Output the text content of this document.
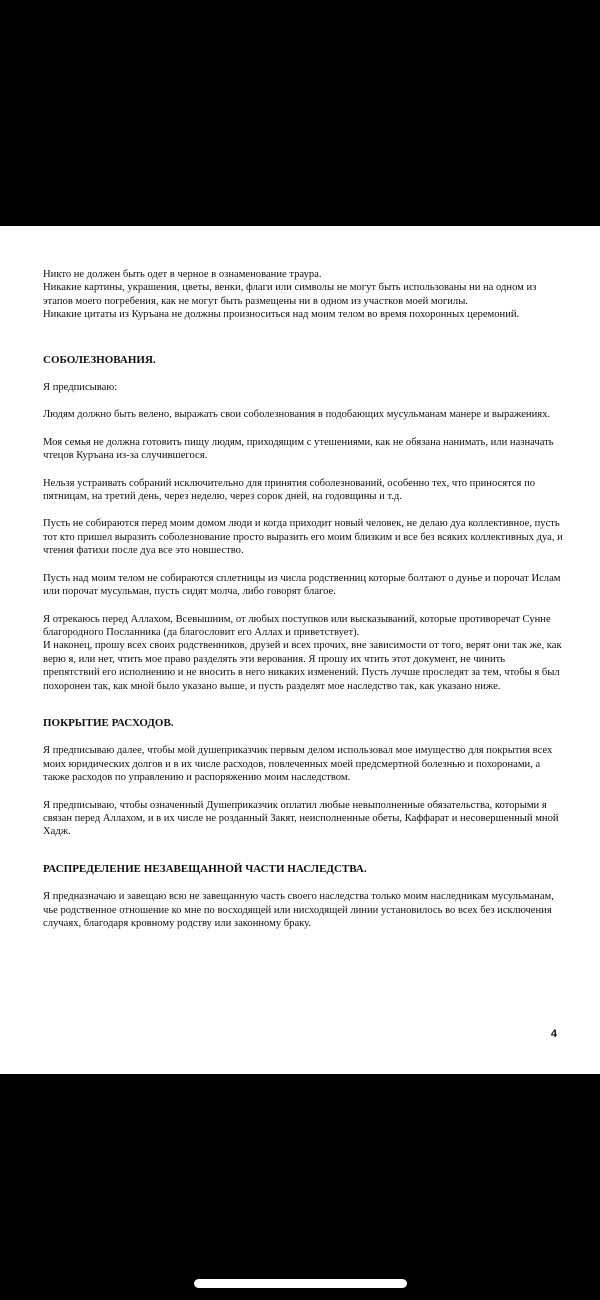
Никто не должен быть одет в черное в ознаменование траура.
Никакие картины, украшения, цветы, венки, флаги или символы не могут быть использованы ни на одном из этапов моего погребения, как не могут быть размещены ни в одном из участков моей могилы.
Никакие цитаты из Куръана не должны произноситься над моим телом во время похоронных церемоний.

СОБОЛЕЗНОВАНИЯ.

Я предписываю:

Людям должно быть велено, выражать свои соболезнования в подобающих мусульманам манере и выражениях.

Моя семья не должна готовить пищу людям, приходящим с утешениями, как не обязана нанимать, или назначать чтецов Куръана из-за случившегося.

Нельзя устраивать собраний исключительно для принятия соболезнований, особенно тех, что приносятся по пятницам, на третий день, через неделю, через сорок дней, на годовщины и т.д.

Пусть не собираются перед моим домом люди и когда приходит новый человек, не делаю дуа коллективное, пусть тот кто пришел выразить соболезнование просто выразить его моим близким и все без всяких коллективных дуа, и чтения фатихи после дуа все это новшество.

Пусть над моим телом не собираются сплетницы из числа родственниц которые болтают о дунье и порочат Ислам или порочат мусульман, пусть сидят молча, либо говорят благое.

Я отрекаюсь перед Аллахом, Всевышним, от любых поступков или высказываний, которые противоречат Сунне благородного Посланника (да благословит его Аллах и приветствует).
И наконец, прошу всех своих родственников, друзей и всех прочих, вне зависимости от того, верят они так же, как верю я, или нет, чтить мое право разделять эти верования. Я прошу их чтить этот документ, не чинить препятствий его исполнению и не вносить в него никаких изменений. Пусть лучше проследят за тем, чтобы я был похоронен так, как мной было указано выше, и пусть разделят мое наследство так, как указано ниже.

ПОКРЫТИЕ РАСХОДОВ.

Я предписываю далее, чтобы мой душеприказчик первым делом использовал мое имущество для покрытия всех моих юридических долгов и в их числе расходов, повлеченных моей предсмертной болезнью и похоронами, а также расходов по управлению и распоряжению моим наследством.

Я предписываю, чтобы означенный Душеприказчик оплатил любые невыполненные обязательства, которыми я связан перед Аллахом, и в их числе не розданный Закят, неисполненные обеты, Каффарат и несовершенный мной Хадж.

РАСПРЕДЕЛЕНИЕ НЕЗАВЕЩАННОЙ ЧАСТИ НАСЛЕДСТВА.

Я предназначаю и завещаю всю не завещанную часть своего наследства только моим наследникам мусульманам, чье родственное отношение ко мне по восходящей или нисходящей линии установилось во всех без исключения случаях, благодаря кровному родству или законному браку.

4
